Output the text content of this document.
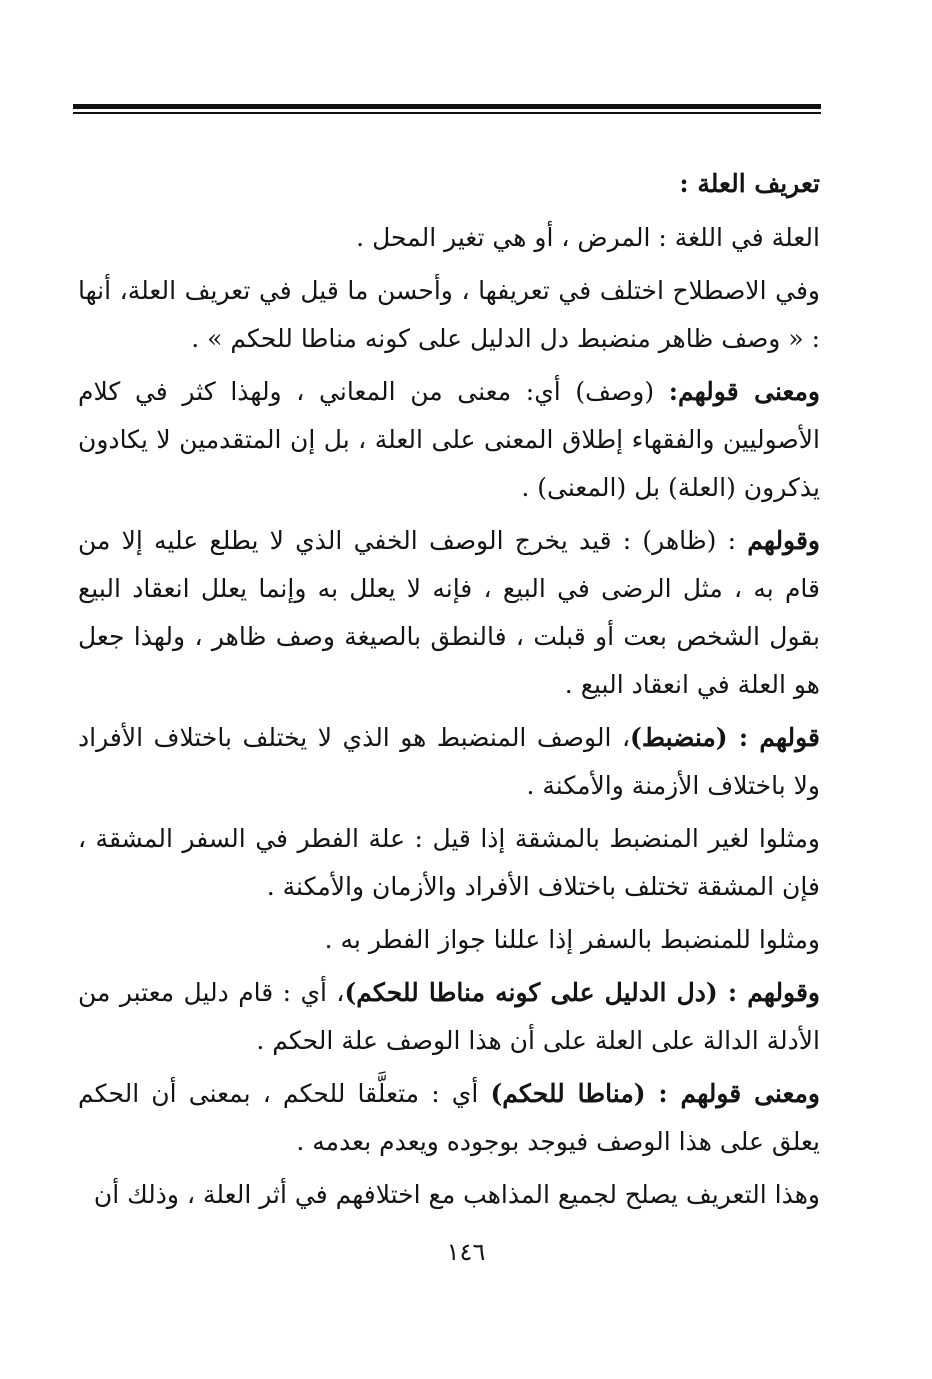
تعريف العلة :

العلة في اللغة : المرض ، أو هي تغير المحل .

وفي الاصطلاح اختلف في تعريفها ، وأحسن ما قيل في تعريف العلة، أنها : « وصف ظاهر منضبط دل الدليل على كونه مناطا للحكم » .

ومعنى قولهم: (وصف) أي: معنى من المعاني ، ولهذا كثر في كلام الأصوليين والفقهاء إطلاق المعنى على العلة ، بل إن المتقدمين لا يكادون يذكرون (العلة) بل (المعنى) .

وقولهم : (ظاهر) : قيد يخرج الوصف الخفي الذي لا يطلع عليه إلا من قام به ، مثل الرضى في البيع ، فإنه لا يعلل به وإنما يعلل انعقاد البيع بقول الشخص بعت أو قبلت ، فالنطق بالصيغة وصف ظاهر ، ولهذا جعل هو العلة في انعقاد البيع .

قولهم : (منضبط)، الوصف المنضبط هو الذي لا يختلف باختلاف الأفراد ولا باختلاف الأزمنة والأمكنة .

ومثلوا لغير المنضبط بالمشقة إذا قيل : علة الفطر في السفر المشقة ، فإن المشقة تختلف باختلاف الأفراد والأزمان والأمكنة .

ومثلوا للمنضبط بالسفر إذا عللنا جواز الفطر به .

وقولهم : (دل الدليل على كونه مناطا للحكم)، أي : قام دليل معتبر من الأدلة الدالة على العلة على أن هذا الوصف علة الحكم .

ومعنى قولهم : (مناطا للحكم) أي : متعلَّقا للحكم ، بمعنى أن الحكم يعلق على هذا الوصف فيوجد بوجوده ويعدم بعدمه .

وهذا التعريف يصلح لجميع المذاهب مع اختلافهم في أثر العلة ، وذلك أن

١٤٦
